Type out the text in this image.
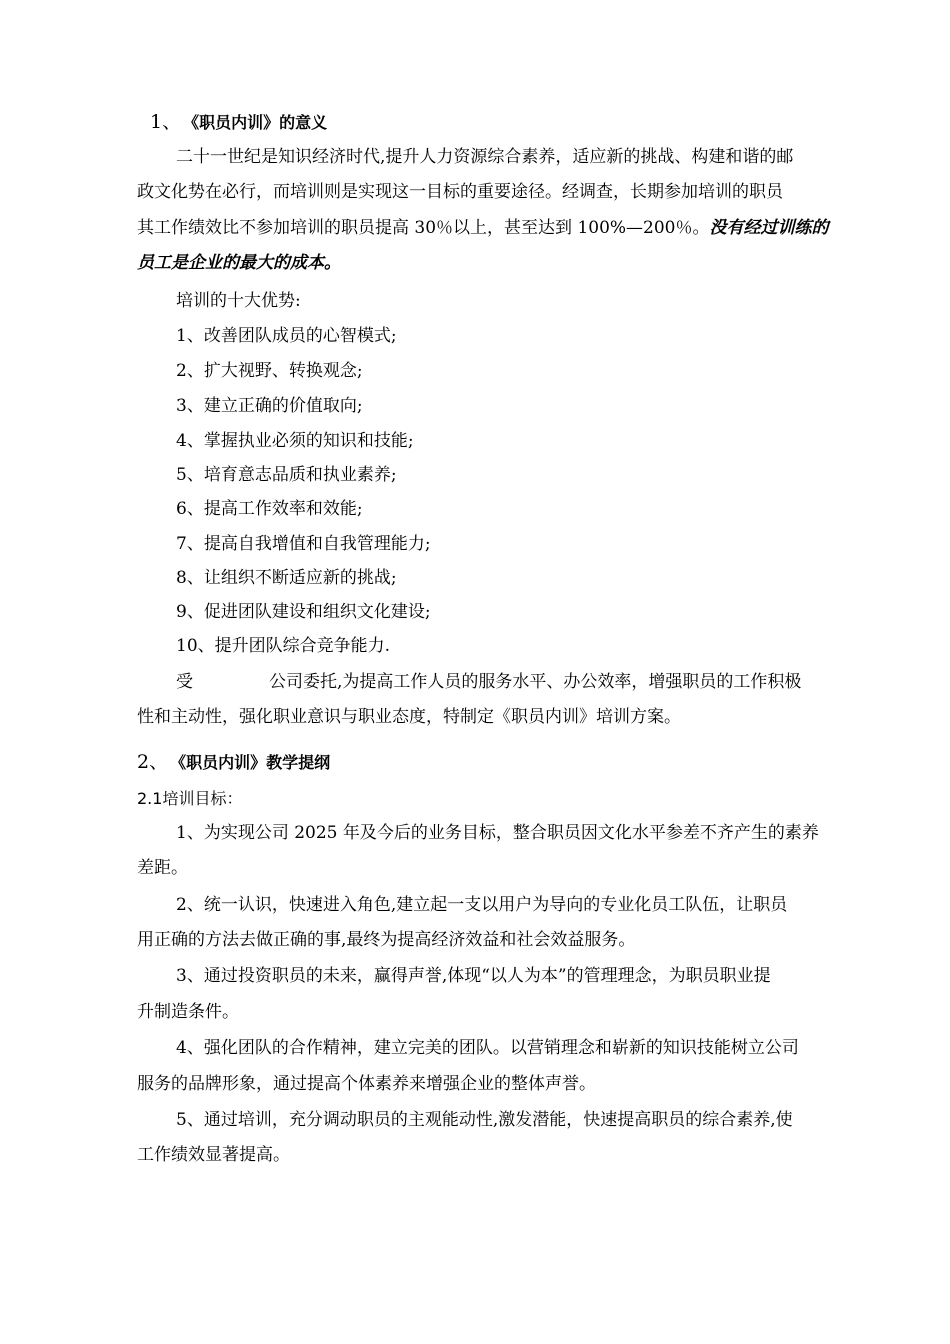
1、 《职员内训》的意义
二十一世纪是知识经济时代,提升人力资源综合素养，适应新的挑战、构建和谐的邮
政文化势在必行，而培训则是实现这一目标的重要途径。经调查，长期参加培训的职员
其工作绩效比不参加培训的职员提高 30％以上，甚至达到 100%—200％。没有经过训练的
员工是企业的最大的成本。
培训的十大优势:
1、改善团队成员的心智模式;
2、扩大视野、转换观念;
3、建立正确的价值取向;
4、掌握执业必须的知识和技能;
5、培育意志品质和执业素养;
6、提高工作效率和效能;
7、提高自我增值和自我管理能力;
8、让组织不断适应新的挑战;
9、促进团队建设和组织文化建设;
10、提升团队综合竞争能力.
受	公司委托,为提高工作人员的服务水平、办公效率，增强职员的工作积极
性和主动性，强化职业意识与职业态度，特制定《职员内训》培训方案。
2、 《职员内训》教学提纲
2.1培训目标：
1、为实现公司 2025 年及今后的业务目标，整合职员因文化水平参差不齐产生的素养
差距。
2、统一认识，快速进入角色,建立起一支以用户为导向的专业化员工队伍，让职员
用正确的方法去做正确的事,最终为提高经济效益和社会效益服务。
3、通过投资职员的未来，赢得声誉,体现“以人为本”的管理理念，为职员职业提
升制造条件。
4、强化团队的合作精神，建立完美的团队。以营销理念和崭新的知识技能树立公司
服务的品牌形象，通过提高个体素养来增强企业的整体声誉。
5、通过培训，充分调动职员的主观能动性,激发潜能，快速提高职员的综合素养,使
工作绩效显著提高。
